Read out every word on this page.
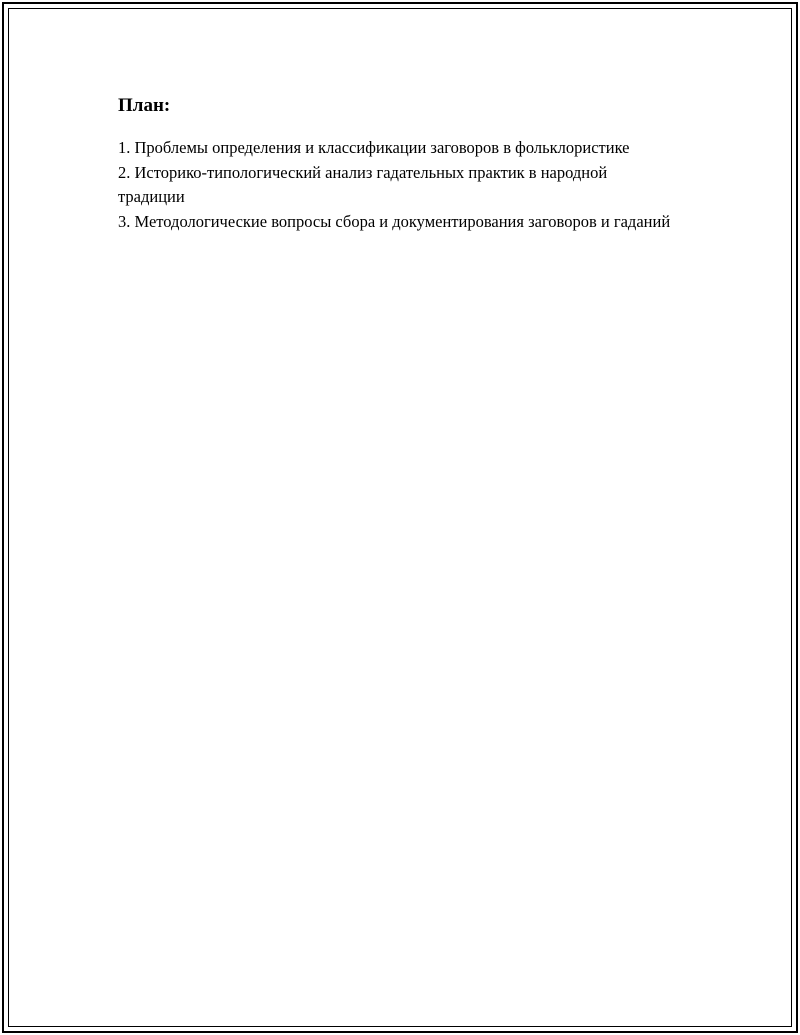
План:
1. Проблемы определения и классификации заговоров в фольклористике
2. Историко-типологический анализ гадательных практик в народной традиции
3. Методологические вопросы сбора и документирования заговоров и гаданий
